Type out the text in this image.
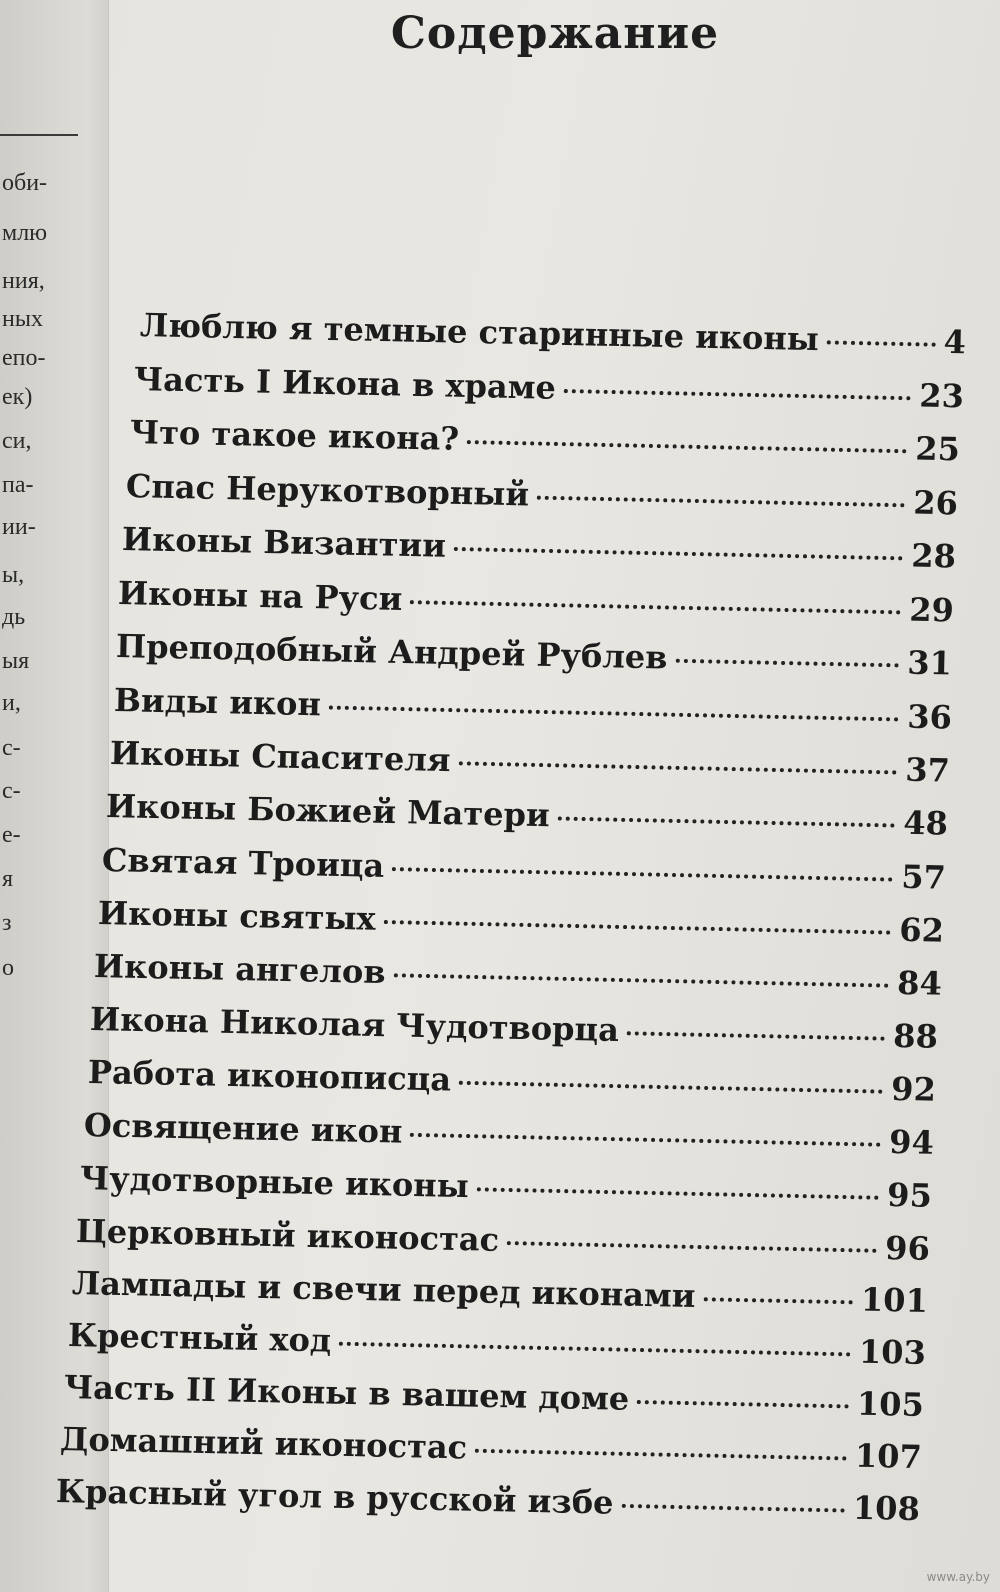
оби-
млю
ния,
ных
епо-
ек)
си,
па-
ии-
ы,
дь
ыя
и,
с-
с-
е-
я
з
о
Содержание
Люблю я темные старинные иконы	4
Часть I Икона в храме	23
Что такое икона?	25
Спас Нерукотворный	26
Иконы Византии	28
Иконы на Руси	29
Преподобный Андрей Рублев	31
Виды икон	36
Иконы Спасителя	37
Иконы Божией Матери	48
Святая Троица	57
Иконы святых	62
Иконы ангелов	84
Икона Николая Чудотворца	88
Работа иконописца	92
Освящение икон	94
Чудотворные иконы	95
Церковный иконостас	96
Лампады и свечи перед иконами	101
Крестный ход	103
Часть II Иконы в вашем доме	105
Домашний иконостас	107
Красный угол в русской избе	108
www.ay.by
